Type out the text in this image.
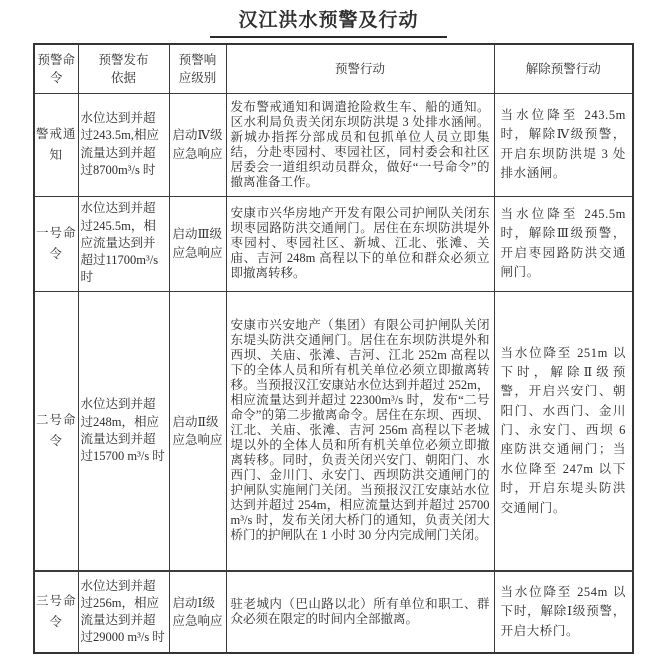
汉江洪水预警及行动
预警命令	预警发布依据	预警响应级别	预警行动	解除预警行动
警戒通知	水位达到并超过243.5m,相应流量达到并超过8700m³/s 时	启动Ⅳ级应急响应	发布警戒通知和调遣抢险救生车、船的通知。区水利局负责关闭东坝防洪堤 3 处排水涵闸。新城办指挥分部成员和包抓单位人员立即集结，分赴枣园村、枣园社区，同村委会和社区居委会一道组织动员群众，做好“一号命令”的撤离准备工作。	当水位降至 243.5m 时，解除Ⅳ级预警，开启东坝防洪堤 3 处排水涵闸。
一号命令	水位达到并超过245.5m，相应流量达到并超过11700m³/s 时	启动Ⅲ级应急响应	安康市兴华房地产开发有限公司护闸队关闭东坝枣园路防洪交通闸门。居住在东坝防洪堤外枣园村、枣园社区、新城、江北、张滩、关庙、吉河 248m 高程以下的单位和群众必须立即撤离转移。	当水位降至 245.5m 时，解除Ⅲ级预警，开启枣园路防洪交通闸门。
二号命令	水位达到并超过248m，相应流量达到并超过15700 m³/s 时	启动Ⅱ级应急响应	安康市兴安地产（集团）有限公司护闸队关闭东堤头防洪交通闸门。居住在东坝防洪堤外和西坝、关庙、张滩、吉河、江北 252m 高程以下的全体人员和所有机关单位必须立即撤离转移。当预报汉江安康站水位达到并超过 252m，相应流量达到并超过 22300m³/s 时，发布“二号命令”的第二步撤离命令。居住在东坝、西坝、江北、关庙、张滩、吉河 256m 高程以下老城堤以外的全体人员和所有机关单位必须立即撤离转移。同时，负责关闭兴安门、朝阳门、水西门、金川门、永安门、西坝防洪交通闸门的护闸队实施闸门关闭。当预报汉江安康站水位达到并超过 254m，相应流量达到并超过 25700 m³/s 时，发布关闭大桥门的通知，负责关闭大桥门的护闸队在 1 小时 30 分内完成闸门关闭。	当水位降至 251m 以下时，解除Ⅱ级预警，开启兴安门、朝阳门、水西门、金川门、永安门、西坝 6 座防洪交通闸门；当水位降至 247m 以下时，开启东堤头防洪交通闸门。
三号命令	水位达到并超过256m，相应流量达到并超过29000 m³/s 时	启动Ⅰ级应急响应	驻老城内（巴山路以北）所有单位和职工、群众必须在限定的时间内全部撤离。	当水位降至 254m 以下时，解除Ⅰ级预警，开启大桥门。
